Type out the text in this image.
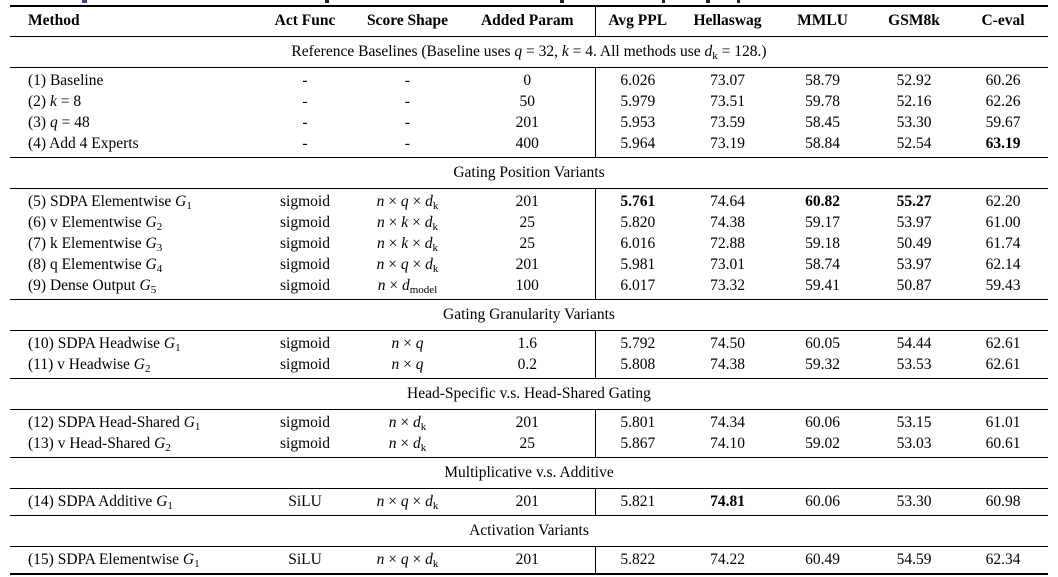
Method	Act Func	Score Shape	Added Param	Avg PPL	Hellaswag	MMLU	GSM8k	C-eval
Reference Baselines (Baseline uses q = 32, k = 4. All methods use $d_k = 128$.)								
(1) Baseline	-	-	0	6.026	73.07	58.79	52.92	60.26
(2) k = 8	-	-	50	5.979	73.51	59.78	52.16	62.26
(3) q = 48	-	-	201	5.953	73.59	58.45	53.30	59.67
(4) Add 4 Experts	-	-	400	5.964	73.19	58.84	52.54	63.19
Gating Position Variants								
(5) SDPA Elementwise $G_1$	sigmoid	$n \times q \times d_k$	201	5.761	74.64	60.82	55.27	62.20
(6) v Elementwise $G_2$	sigmoid	$n \times k \times d_k$	25	5.820	74.38	59.17	53.97	61.00
(7) k Elementwise $G_3$	sigmoid	$n \times k \times d_k$	25	6.016	72.88	59.18	50.49	61.74
(8) q Elementwise $G_4$	sigmoid	$n \times q \times d_k$	201	5.981	73.01	58.74	53.97	62.14
(9) Dense Output $G_5$	sigmoid	$n \times d_{model}$	100	6.017	73.32	59.41	50.87	59.43
Gating Granularity Variants								
(10) SDPA Headwise $G_1$	sigmoid	n × q	1.6	5.792	74.50	60.05	54.44	62.61
(11) v Headwise $G_2$	sigmoid	n × q	0.2	5.808	74.38	59.32	53.53	62.61
Head-Specific v.s. Head-Shared Gating								
(12) SDPA Head-Shared $G_1$	sigmoid	$n \times d_k$	201	5.801	74.34	60.06	53.15	61.01
(13) v Head-Shared $G_2$	sigmoid	$n \times d_k$	25	5.867	74.10	59.02	53.03	60.61
Multiplicative v.s. Additive								
(14) SDPA Additive $G_1$	SiLU	$n \times q \times d_k$	201	5.821	74.81	60.06	53.30	60.98
Activation Variants								
(15) SDPA Elementwise $G_1$	SiLU	$n \times q \times d_k$	201	5.822	74.22	60.49	54.59	62.34
